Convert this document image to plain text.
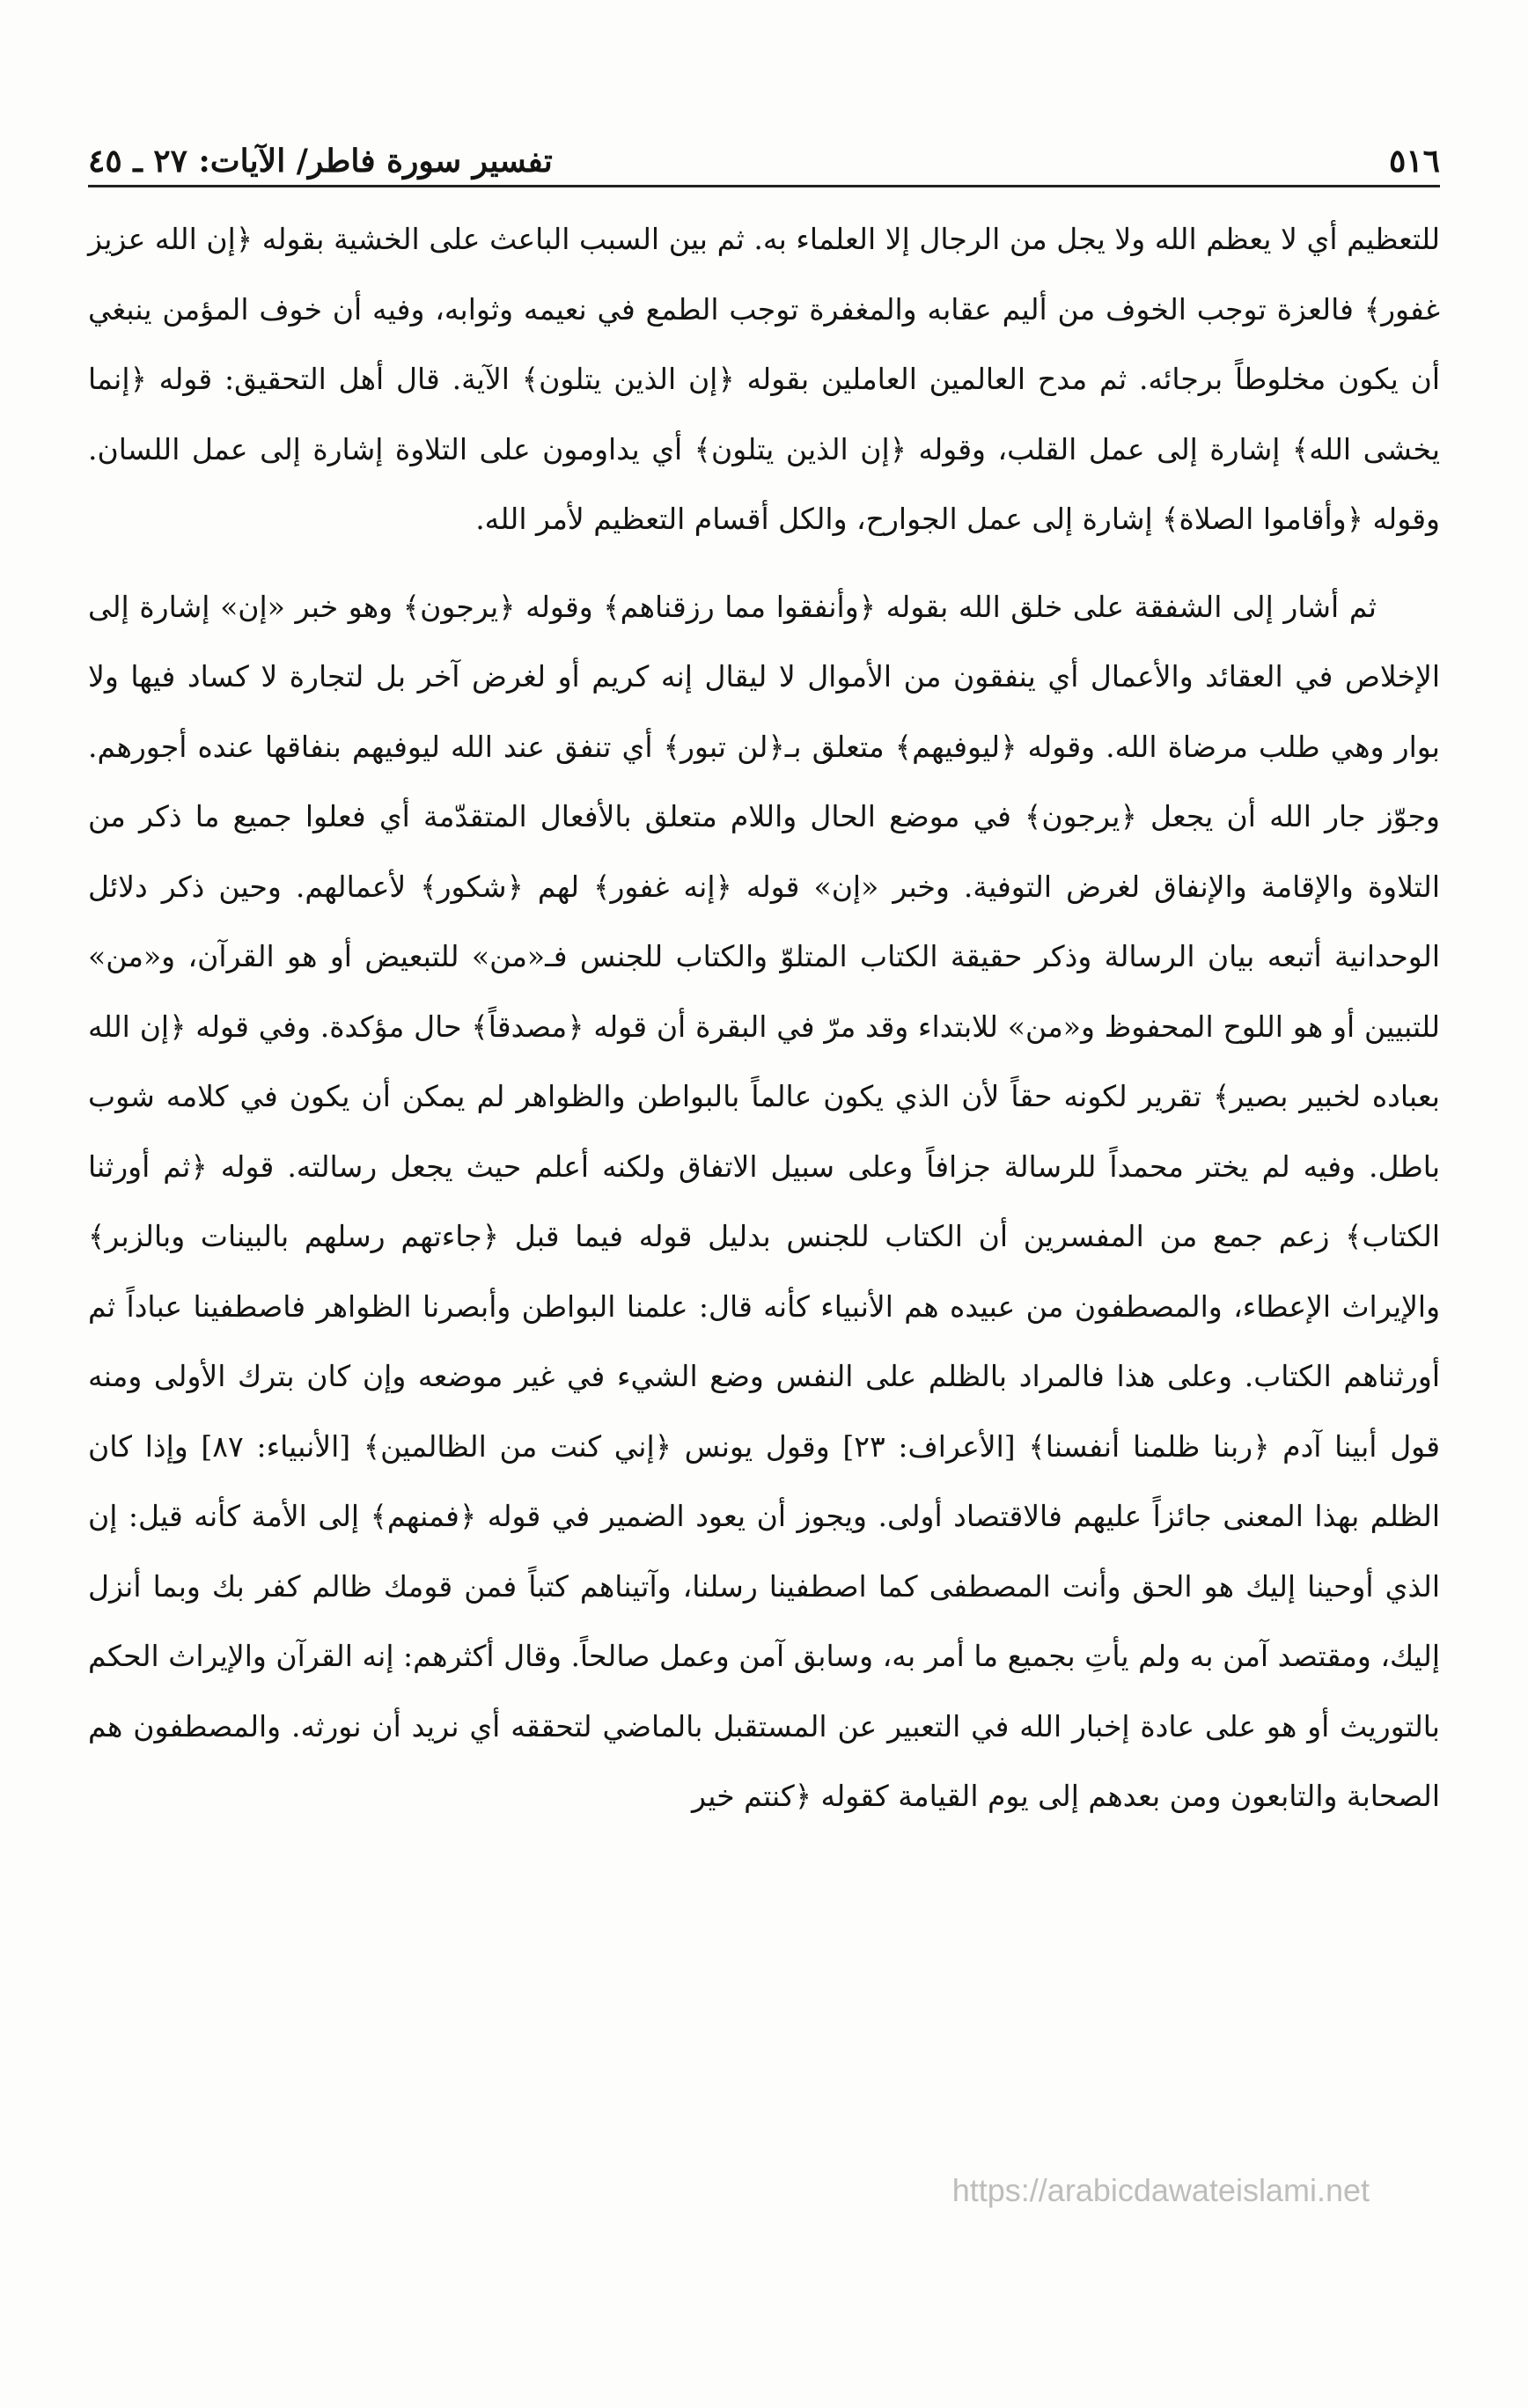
٥١٦
تفسير سورة فاطر/ الآيات: ٢٧ ـ ٤٥

للتعظيم أي لا يعظم الله ولا يجل من الرجال إلا العلماء به. ثم بين السبب الباعث على الخشية بقوله ﴿إن الله عزيز غفور﴾ فالعزة توجب الخوف من أليم عقابه والمغفرة توجب الطمع في نعيمه وثوابه، وفيه أن خوف المؤمن ينبغي أن يكون مخلوطاً برجائه. ثم مدح العالمين العاملين بقوله ﴿إن الذين يتلون﴾ الآية. قال أهل التحقيق: قوله ﴿إنما يخشى الله﴾ إشارة إلى عمل القلب، وقوله ﴿إن الذين يتلون﴾ أي يداومون على التلاوة إشارة إلى عمل اللسان. وقوله ﴿وأقاموا الصلاة﴾ إشارة إلى عمل الجوارح، والكل أقسام التعظيم لأمر الله.

ثم أشار إلى الشفقة على خلق الله بقوله ﴿وأنفقوا مما رزقناهم﴾ وقوله ﴿يرجون﴾ وهو خبر «إن» إشارة إلى الإخلاص في العقائد والأعمال أي ينفقون من الأموال لا ليقال إنه كريم أو لغرض آخر بل لتجارة لا كساد فيها ولا بوار وهي طلب مرضاة الله. وقوله ﴿ليوفيهم﴾ متعلق بـ﴿لن تبور﴾ أي تنفق عند الله ليوفيهم بنفاقها عنده أجورهم. وجوّز جار الله أن يجعل ﴿يرجون﴾ في موضع الحال واللام متعلق بالأفعال المتقدّمة أي فعلوا جميع ما ذكر من التلاوة والإقامة والإنفاق لغرض التوفية. وخبر «إن» قوله ﴿إنه غفور﴾ لهم ﴿شكور﴾ لأعمالهم. وحين ذكر دلائل الوحدانية أتبعه بيان الرسالة وذكر حقيقة الكتاب المتلوّ والكتاب للجنس فـ«من» للتبعيض أو هو القرآن، و«من» للتبيين أو هو اللوح المحفوظ و«من» للابتداء وقد مرّ في البقرة أن قوله ﴿مصدقاً﴾ حال مؤكدة. وفي قوله ﴿إن الله بعباده لخبير بصير﴾ تقرير لكونه حقاً لأن الذي يكون عالماً بالبواطن والظواهر لم يمكن أن يكون في كلامه شوب باطل. وفيه لم يختر محمداً للرسالة جزافاً وعلى سبيل الاتفاق ولكنه أعلم حيث يجعل رسالته. قوله ﴿ثم أورثنا الكتاب﴾ زعم جمع من المفسرين أن الكتاب للجنس بدليل قوله فيما قبل ﴿جاءتهم رسلهم بالبينات وبالزبر﴾ والإيراث الإعطاء، والمصطفون من عبيده هم الأنبياء كأنه قال: علمنا البواطن وأبصرنا الظواهر فاصطفينا عباداً ثم أورثناهم الكتاب. وعلى هذا فالمراد بالظلم على النفس وضع الشيء في غير موضعه وإن كان بترك الأولى ومنه قول أبينا آدم ﴿ربنا ظلمنا أنفسنا﴾ [الأعراف: ٢٣] وقول يونس ﴿إني كنت من الظالمين﴾ [الأنبياء: ٨٧] وإذا كان الظلم بهذا المعنى جائزاً عليهم فالاقتصاد أولى. ويجوز أن يعود الضمير في قوله ﴿فمنهم﴾ إلى الأمة كأنه قيل: إن الذي أوحينا إليك هو الحق وأنت المصطفى كما اصطفينا رسلنا، وآتيناهم كتباً فمن قومك ظالم كفر بك وبما أنزل إليك، ومقتصد آمن به ولم يأتِ بجميع ما أمر به، وسابق آمن وعمل صالحاً. وقال أكثرهم: إنه القرآن والإيراث الحكم بالتوريث أو هو على عادة إخبار الله في التعبير عن المستقبل بالماضي لتحققه أي نريد أن نورثه. والمصطفون هم الصحابة والتابعون ومن بعدهم إلى يوم القيامة كقوله ﴿كنتم خير

https://arabicdawateislami.net
